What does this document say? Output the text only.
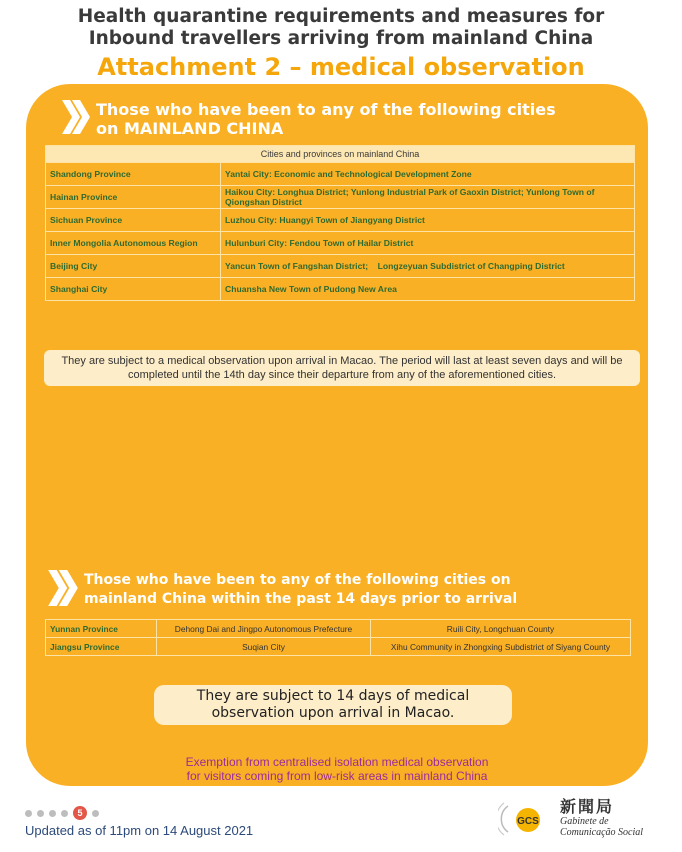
Health quarantine requirements and measures for
Inbound travellers arriving from mainland China
Attachment 2 – medical observation
Those who have been to any of the following cities
on MAINLAND CHINA
Cities and provinces on mainland China	
Shandong Province	Yantai City: Economic and Technological Development Zone
Hainan Province	Haikou City: Longhua District; Yunlong Industrial Park of Gaoxin District; Yunlong Town of Qiongshan District
Sichuan Province	Luzhou City: Huangyi Town of Jiangyang District
Inner Mongolia Autonomous Region	Hulunburi City: Fendou Town of Hailar District
Beijing City	Yancun Town of Fangshan District;    Longzeyuan Subdistrict of Changping District
Shanghai City	Chuansha New Town of Pudong New Area
They are subject to a medical observation upon arrival in Macao. The period will last at least seven days and will be completed until the 14th day since their departure from any of the aforementioned cities.
Those who have been to any of the following cities on
mainland China within the past 14 days prior to arrival
Yunnan Province	Dehong Dai and Jingpo Autonomous Prefecture	Ruili City, Longchuan County
Jiangsu Province	Suqian City	Xihu Community in Zhongxing Subdistrict of Siyang County
They are subject to 14 days of medical
observation upon arrival in Macao.
Exemption from centralised isolation medical observation
for visitors coming from low-risk areas in mainland China
5
Updated as of 11pm on 14 August 2021
GCS
新聞局
Gabinete de
Comunicação Social
